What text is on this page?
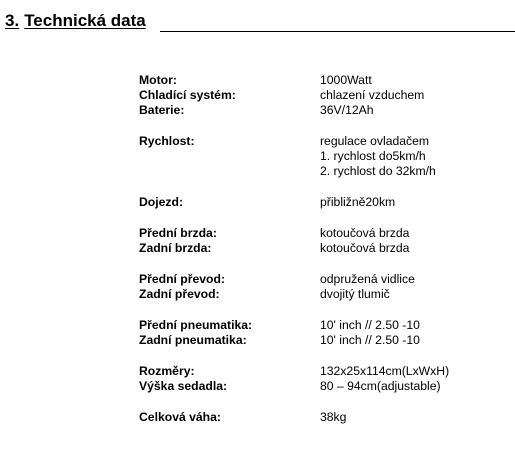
3. Technická data
Motor:	1000Watt
Chladící systém:	chlazení vzduchem
Baterie:	36V/12Ah
Rychlost:	regulace ovladačem
1. rychlost do5km/h
2. rychlost do 32km/h
Dojezd:	přibližně20km
Přední brzda:	kotoučová brzda
Zadní brzda:	kotoučová brzda
Přední převod:	odpružená vidlice
Zadní převod:	dvojitý tlumič
Přední pneumatika:	10' inch // 2.50 -10
Zadní pneumatika:	10' inch // 2.50 -10
Rozměry:	132x25x114cm(LxWxH)
Výška sedadla:	80 – 94cm(adjustable)
Celková váha:	38kg
